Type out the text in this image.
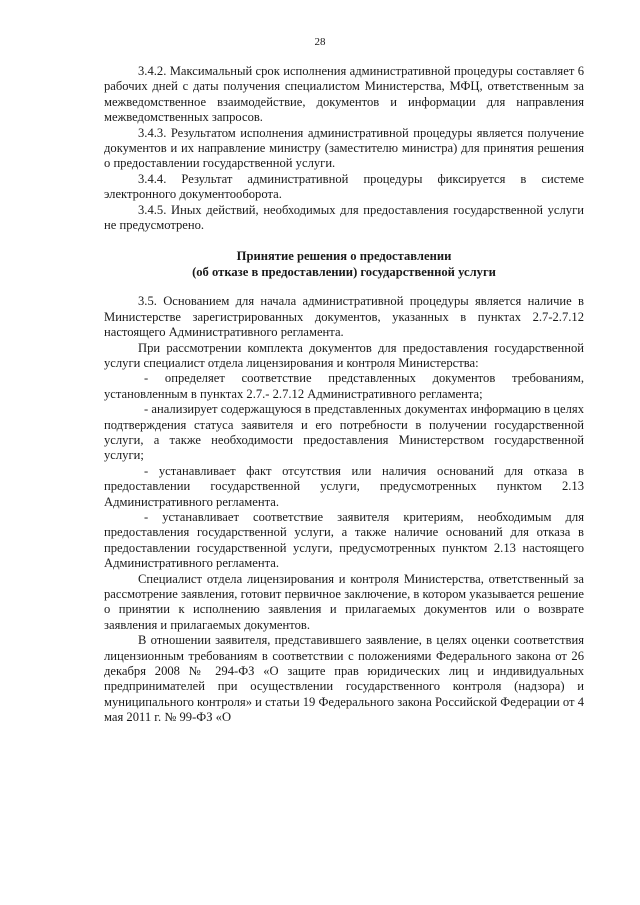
28

3.4.2. Максимальный срок исполнения административной процедуры составляет 6 рабочих дней с даты получения специалистом Министерства, МФЦ, ответственным за межведомственное взаимодействие, документов и информации для направления межведомственных запросов.

3.4.3. Результатом исполнения административной процедуры является получение документов и их направление министру (заместителю министра) для принятия решения о предоставлении государственной услуги.

3.4.4. Результат административной процедуры фиксируется в системе электронного документооборота.

3.4.5. Иных действий, необходимых для предоставления государственной услуги не предусмотрено.

Принятие решения о предоставлении
(об отказе в предоставлении) государственной услуги

3.5. Основанием для начала административной процедуры является наличие в Министерстве зарегистрированных документов, указанных в пунктах 2.7-2.7.12 настоящего Административного регламента.

При рассмотрении комплекта документов для предоставления государственной услуги специалист отдела лицензирования и контроля Министерства:

- определяет соответствие представленных документов требованиям, установленным в пунктах 2.7.- 2.7.12 Административного регламента;

- анализирует содержащуюся в представленных документах информацию в целях подтверждения статуса заявителя и его потребности в получении государственной услуги, а также необходимости предоставления Министерством государственной услуги;

- устанавливает факт отсутствия или наличия оснований для отказа в предоставлении государственной услуги, предусмотренных пунктом 2.13 Административного регламента.

- устанавливает соответствие заявителя критериям, необходимым для предоставления государственной услуги, а также наличие оснований для отказа в предоставлении государственной услуги, предусмотренных пунктом 2.13 настоящего Административного регламента.

Специалист отдела лицензирования и контроля Министерства, ответственный за рассмотрение заявления, готовит первичное заключение, в котором указывается решение о принятии к исполнению заявления и прилагаемых документов или о возврате заявления и прилагаемых документов.

В отношении заявителя, представившего заявление, в целях оценки соответствия лицензионным требованиям в соответствии с положениями Федерального закона от 26 декабря 2008 № 294-ФЗ «О защите прав юридических лиц и индивидуальных предпринимателей при осуществлении государственного контроля (надзора) и муниципального контроля» и статьи 19 Федерального закона Российской Федерации от 4 мая 2011 г. № 99-ФЗ «О
